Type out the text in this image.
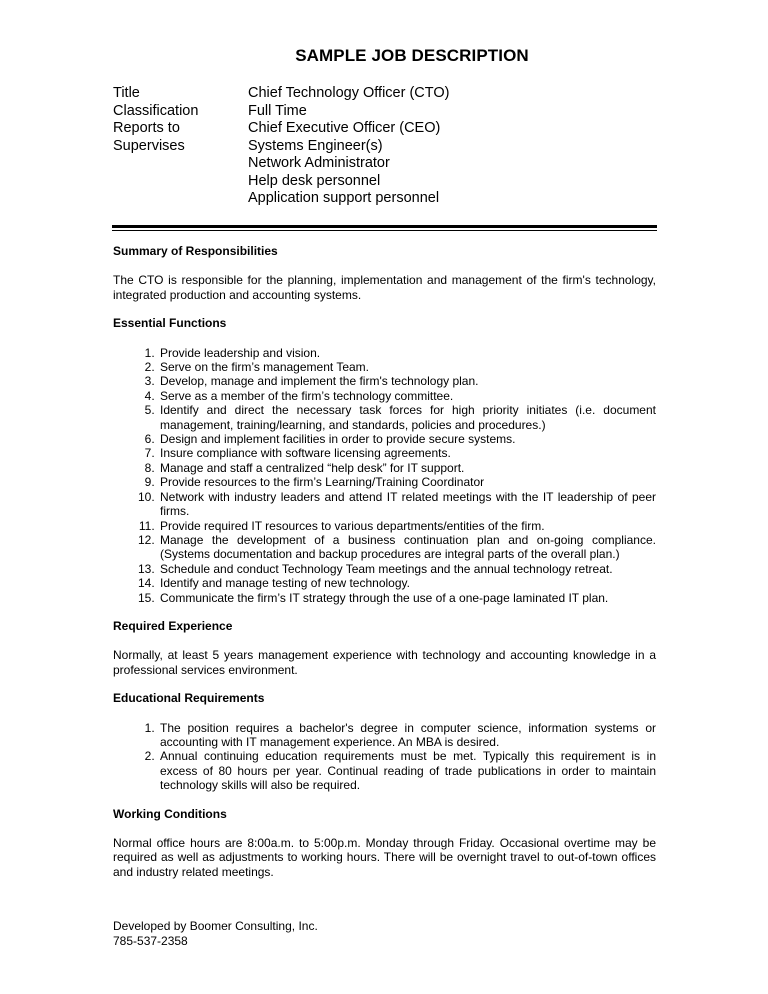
SAMPLE JOB DESCRIPTION
Title	Chief Technology Officer (CTO)
Classification	Full Time
Reports to	Chief Executive Officer (CEO)
Supervises	Systems Engineer(s)
Network Administrator
Help desk personnel
Application support personnel
Summary of Responsibilities

The CTO is responsible for the planning, implementation and management of the firm's technology, integrated production and accounting systems.

Essential Functions
1. Provide leadership and vision.
2. Serve on the firm’s management Team.
3. Develop, manage and implement the firm's technology plan.
4. Serve as a member of the firm’s technology committee.
5. Identify and direct the necessary task forces for high priority initiates (i.e. document management, training/learning, and standards, policies and procedures.)
6. Design and implement facilities in order to provide secure systems.
7. Insure compliance with software licensing agreements.
8. Manage and staff a centralized “help desk” for IT support.
9. Provide resources to the firm’s Learning/Training Coordinator
10. Network with industry leaders and attend IT related meetings with the IT leadership of peer firms.
11. Provide required IT resources to various departments/entities of the firm.
12. Manage the development of a business continuation plan and on-going compliance. (Systems documentation and backup procedures are integral parts of the overall plan.)
13. Schedule and conduct Technology Team meetings and the annual technology retreat.
14. Identify and manage testing of new technology.
15. Communicate the firm’s IT strategy through the use of a one-page laminated IT plan.
Required Experience

Normally, at least 5 years management experience with technology and accounting knowledge in a professional services environment.

Educational Requirements
1. The position requires a bachelor's degree in computer science, information systems or accounting with IT management experience. An MBA is desired.
2. Annual continuing education requirements must be met. Typically this requirement is in excess of 80 hours per year. Continual reading of trade publications in order to maintain technology skills will also be required.
Working Conditions

Normal office hours are 8:00a.m. to 5:00p.m. Monday through Friday. Occasional overtime may be required as well as adjustments to working hours. There will be overnight travel to out-of-town offices and industry related meetings.

Developed by Boomer Consulting, Inc.
785-537-2358
